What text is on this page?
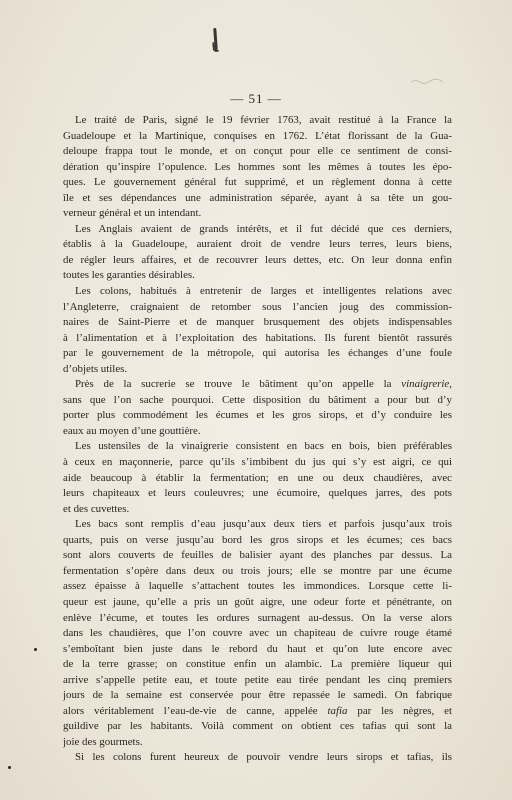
— 51 —
Le traité de Paris, signé le 19 février 1763, avait restitué à la France la
Guadeloupe et la Martinique, conquises en 1762. L’état florissant de la Gua-
deloupe frappa tout le monde, et on conçut pour elle ce sentiment de consi-
dération qu’inspire l’opulence. Les hommes sont les mêmes à toutes les épo-
ques. Le gouvernement général fut supprimé, et un règlement donna à cette
île et ses dépendances une administration séparée, ayant à sa tête un gou-
verneur général et un intendant.
Les Anglais avaient de grands intérêts, et il fut décidé que ces derniers,
établis à la Guadeloupe, auraient droit de vendre leurs terres, leurs biens,
de régler leurs affaires, et de recouvrer leurs dettes, etc. On leur donna enfin
toutes les garanties désirables.
Les colons, habitués à entretenir de larges et intelligentes relations avec
l’Angleterre, craignaient de retomber sous l’ancien joug des commission-
naires de Saint-Pierre et de manquer brusquement des objets indispensables
à l’alimentation et à l’exploitation des habitations. Ils furent bientôt rassurés
par le gouvernement de la métropole, qui autorisa les échanges d’une foule
d’objets utiles.
Près de la sucrerie se trouve le bâtiment qu’on appelle la vinaigrerie,
sans que l’on sache pourquoi. Cette disposition du bâtiment a pour but d’y
porter plus commodément les écumes et les gros sirops, et d’y conduire les
eaux au moyen d’une gouttière.
Les ustensiles de la vinaigrerie consistent en bacs en bois, bien préférables
à ceux en maçonnerie, parce qu’ils s’imbibent du jus qui s’y est aigri, ce qui
aide beaucoup à établir la fermentation; en une ou deux chaudières, avec
leurs chapiteaux et leurs couleuvres; une écumoire, quelques jarres, des pots
et des cuvettes.
Les bacs sont remplis d’eau jusqu’aux deux tiers et parfois jusqu’aux trois
quarts, puis on verse jusqu’au bord les gros sirops et les écumes; ces bacs
sont alors couverts de feuilles de balisier ayant des planches par dessus. La
fermentation s’opère dans deux ou trois jours; elle se montre par une écume
assez épaisse à laquelle s’attachent toutes les immondices. Lorsque cette li-
queur est jaune, qu’elle a pris un goût aigre, une odeur forte et pénétrante, on
enlève l’écume, et toutes les ordures surnagent au-dessus. On la verse alors
dans les chaudières, que l’on couvre avec un chapiteau de cuivre rouge étamé
s’emboîtant bien juste dans le rebord du haut et qu’on lute encore avec
de la terre grasse; on constitue enfin un alambic. La première liqueur qui
arrive s’appelle petite eau, et toute petite eau tirée pendant les cinq premiers
jours de la semaine est conservée pour être repassée le samedi. On fabrique
alors véritablement l’eau-de-vie de canne, appelée tafia par les nègres, et
guildive par les habitants. Voilà comment on obtient ces tafias qui sont la
joie des gourmets.
Si les colons furent heureux de pouvoir vendre leurs sirops et tafias, ils
